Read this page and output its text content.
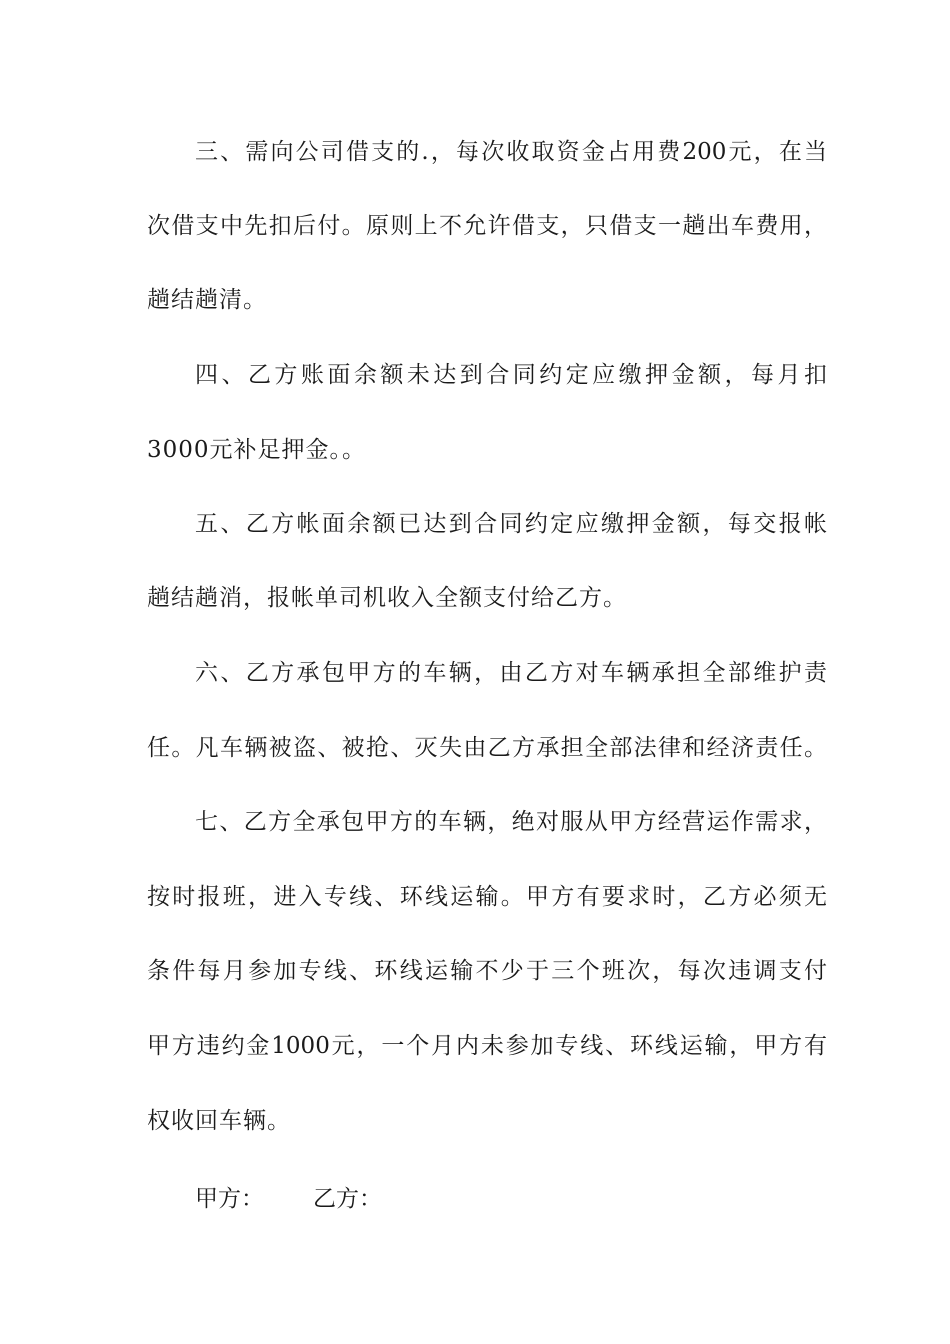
三、需向公司借支的.，每次收取资金占用费200元，在当
次借支中先扣后付。原则上不允许借支，只借支一趟出车费用，
趟结趟清。
四、乙方账面余额未达到合同约定应缴押金额，每月扣
3000元补足押金。。
五、乙方帐面余额已达到合同约定应缴押金额，每交报帐
趟结趟消，报帐单司机收入全额支付给乙方。
六、乙方承包甲方的车辆，由乙方对车辆承担全部维护责
任。凡车辆被盗、被抢、灭失由乙方承担全部法律和经济责任。
七、乙方全承包甲方的车辆，绝对服从甲方经营运作需求，
按时报班，进入专线、环线运输。甲方有要求时，乙方必须无
条件每月参加专线、环线运输不少于三个班次，每次违调支付
甲方违约金1000元，一个月内未参加专线、环线运输，甲方有
权收回车辆。
甲方： 乙方：
